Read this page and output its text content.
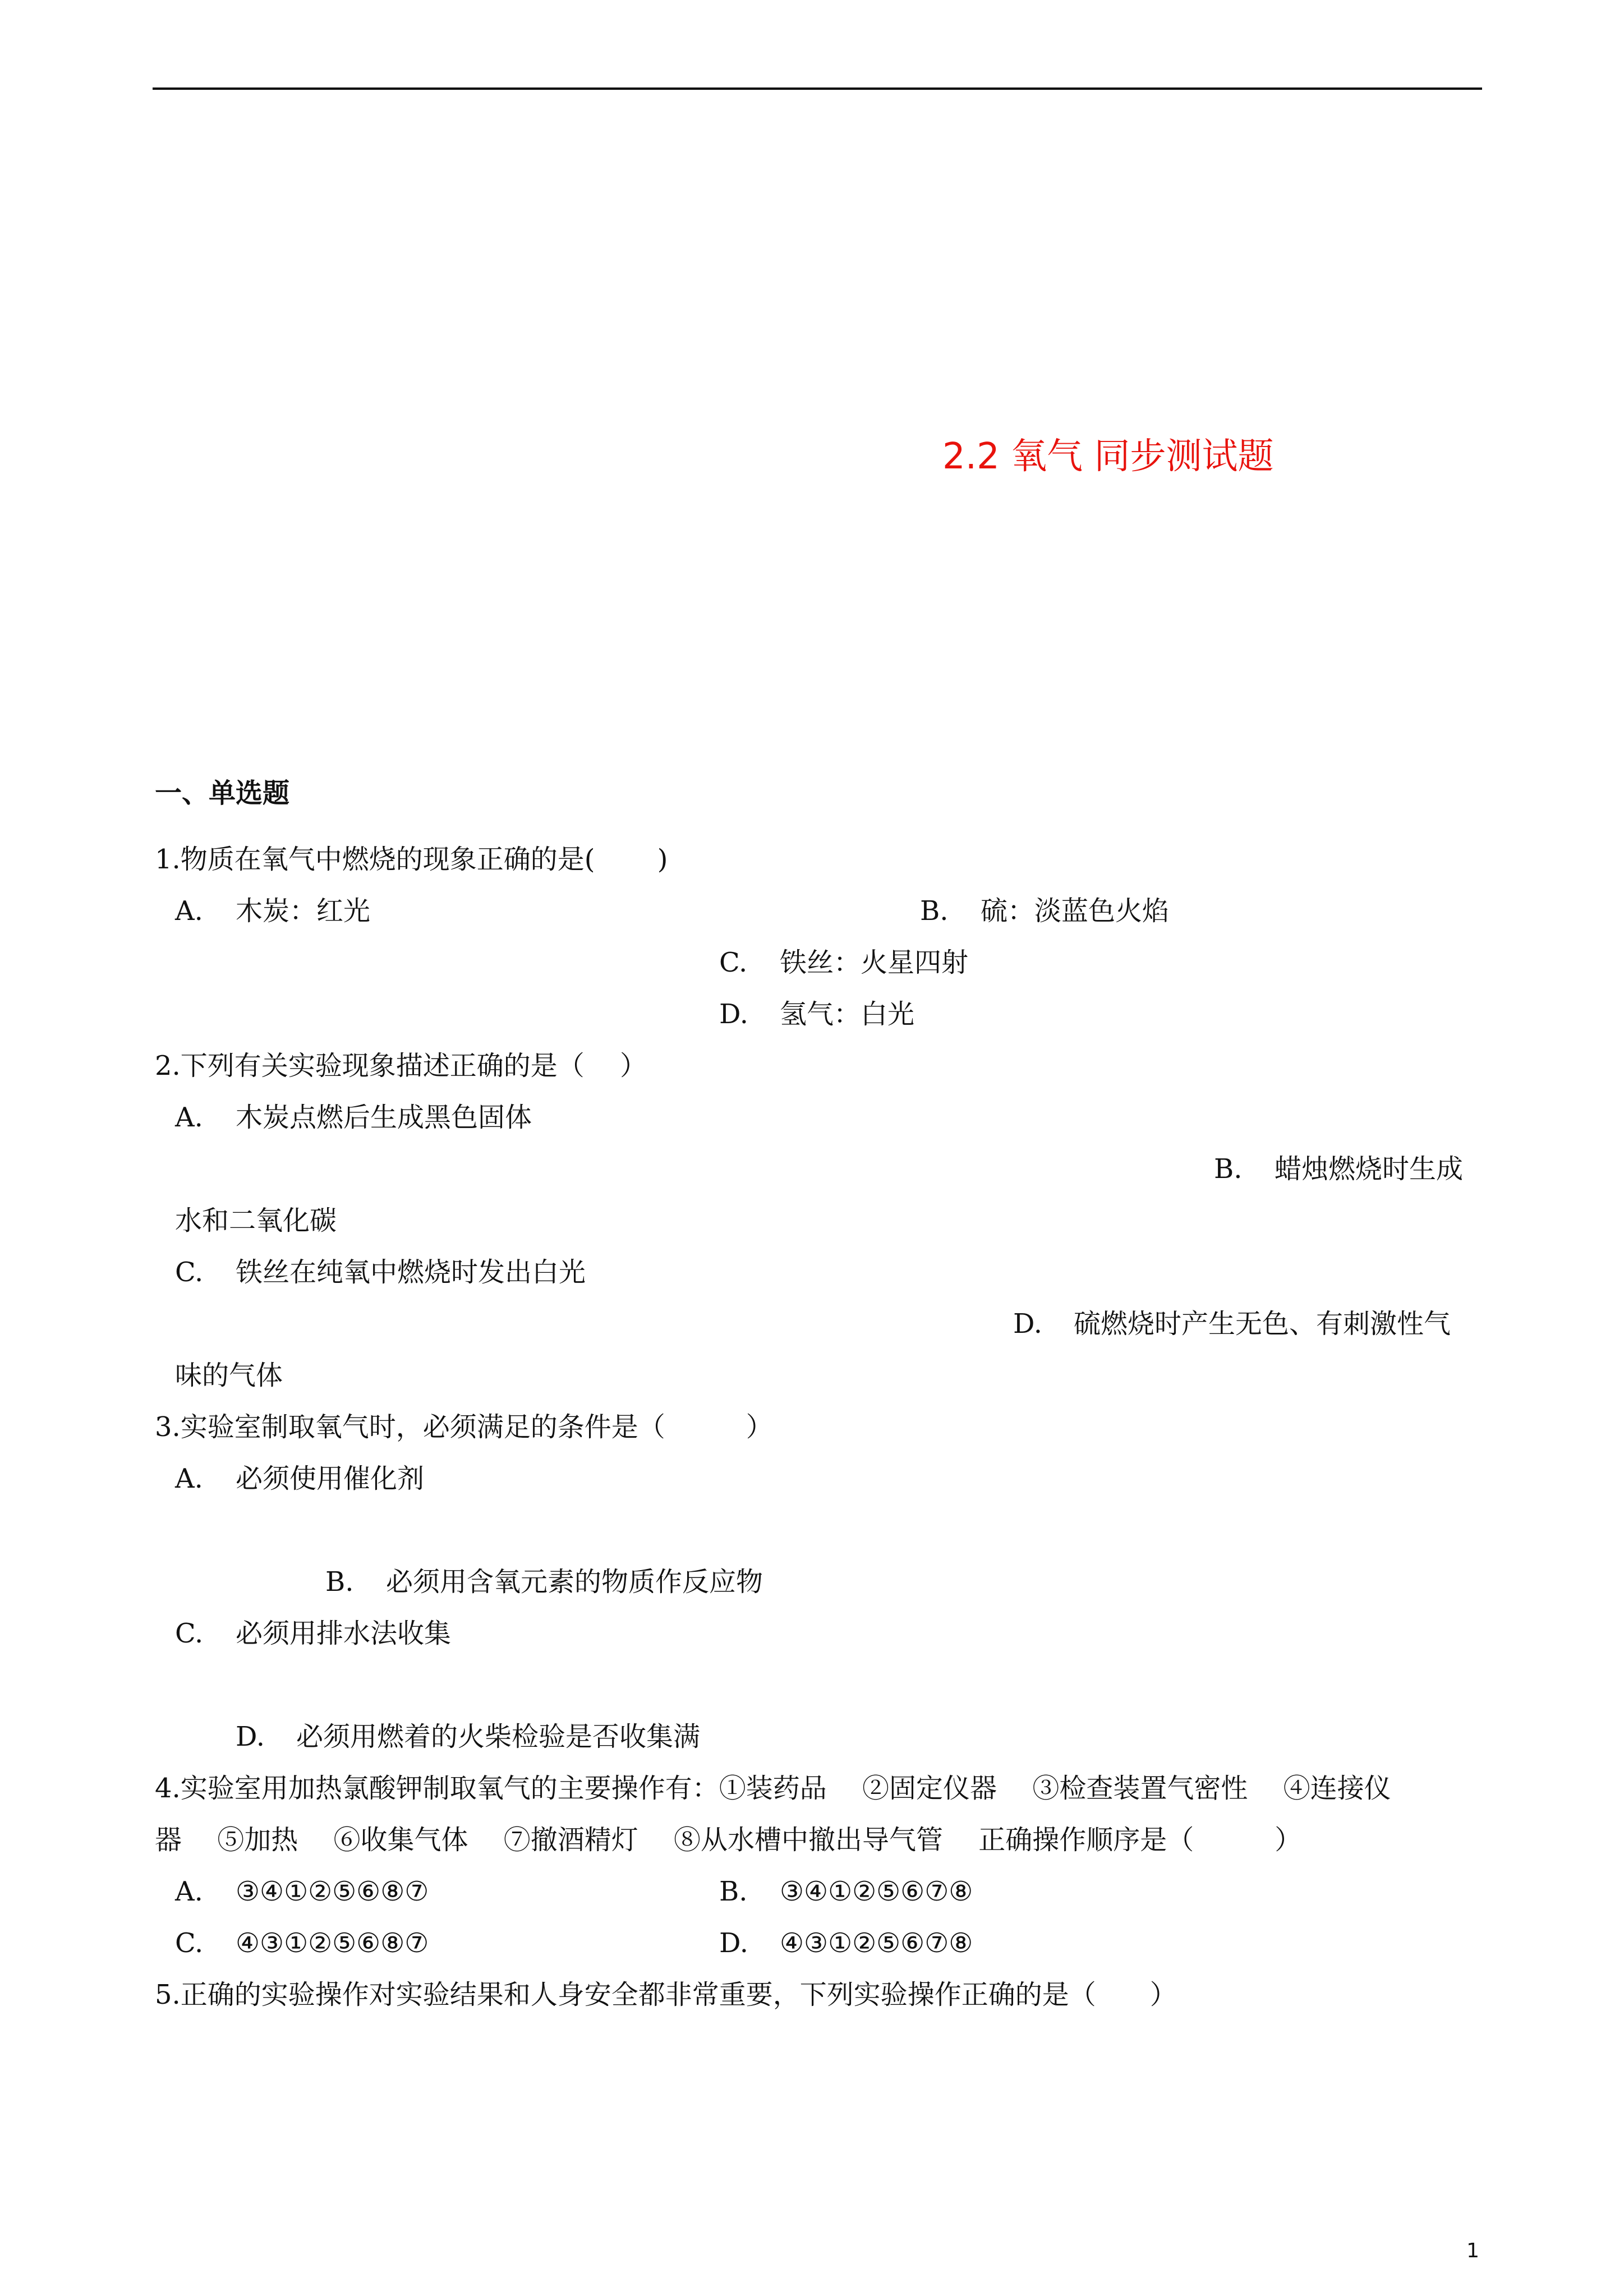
2.2 氧气 同步测试题
一、单选题
1.物质在氧气中燃烧的现象正确的是(　　 )
A. 木炭：红光	B. 硫：淡蓝色火焰
C. 铁丝：火星四射
D. 氢气：白光
2.下列有关实验现象描述正确的是（　 ）
A. 木炭点燃后生成黑色固体
B. 蜡烛燃烧时生成
水和二氧化碳
C. 铁丝在纯氧中燃烧时发出白光
D. 硫燃烧时产生无色、有刺激性气
味的气体
3.实验室制取氧气时，必须满足的条件是（　　　）
A. 必须使用催化剂
B. 必须用含氧元素的物质作反应物
C. 必须用排水法收集
D. 必须用燃着的火柴检验是否收集满
4.实验室用加热氯酸钾制取氧气的主要操作有：①装药品　 ②固定仪器　 ③检查装置气密性　 ④连接仪
器　 ⑤加热　 ⑥收集气体　 ⑦撤酒精灯　 ⑧从水槽中撤出导气管　 正确操作顺序是（　　　）
A. ③④①②⑤⑥⑧⑦	B. ③④①②⑤⑥⑦⑧
C. ④③①②⑤⑥⑧⑦	D. ④③①②⑤⑥⑦⑧
5.正确的实验操作对实验结果和人身安全都非常重要，下列实验操作正确的是（　　）
1
